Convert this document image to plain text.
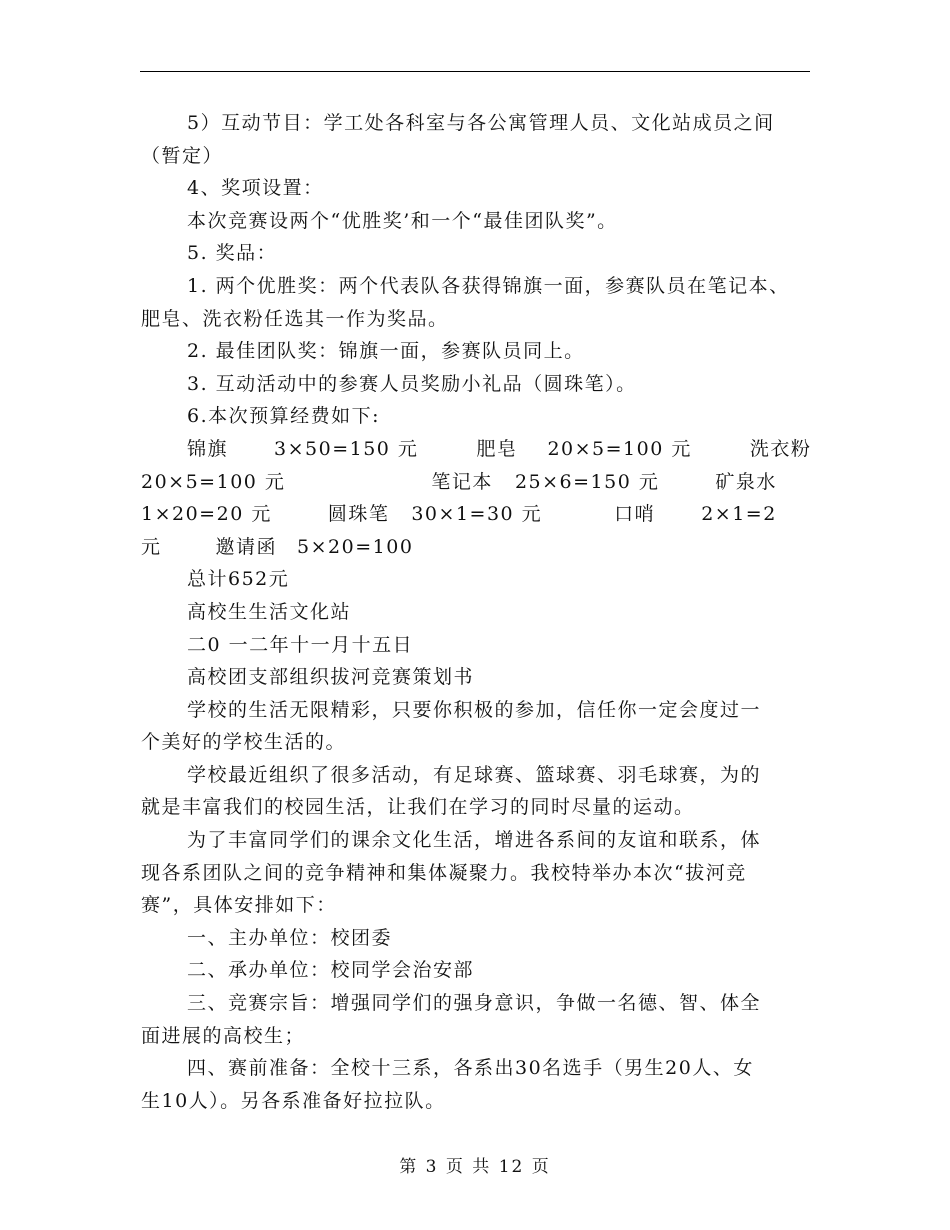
5）互动节目：学工处各科室与各公寓管理人员、文化站成员之间
（暂定）
4、奖项设置：
本次竞赛设两个“优胜奖’和一个“最佳团队奖”。
5. 奖品：
1. 两个优胜奖：两个代表队各获得锦旗一面，参赛队员在笔记本、
肥皂、洗衣粉任选其一作为奖品。
2. 最佳团队奖：锦旗一面，参赛队员同上。
3. 互动活动中的参赛人员奖励小礼品（圆珠笔）。
6.本次预算经费如下:
锦旗 3×50=150 元	肥皂 20×5=100 元	洗衣粉
20×5=100 元	笔记本 25×6=150 元	矿泉水
1×20=20 元	圆珠笔 30×1=30 元	口哨 2×1=2
元	邀请函 5×20=100
总计652元
高校生生活文化站
二0 一二年十一月十五日
高校团支部组织拔河竞赛策划书
学校的生活无限精彩，只要你积极的参加，信任你一定会度过一
个美好的学校生活的。
学校最近组织了很多活动，有足球赛、篮球赛、羽毛球赛，为的
就是丰富我们的校园生活，让我们在学习的同时尽量的运动。
为了丰富同学们的课余文化生活，增进各系间的友谊和联系，体
现各系团队之间的竞争精神和集体凝聚力。我校特举办本次“拔河竞
赛”，具体安排如下：
一、主办单位：校团委
二、承办单位：校同学会治安部
三、竞赛宗旨：增强同学们的强身意识，争做一名德、智、体全
面进展的高校生；
四、赛前准备：全校十三系，各系出30名选手（男生20人、女
生10人）。另各系准备好拉拉队。
第 3 页 共 12 页
